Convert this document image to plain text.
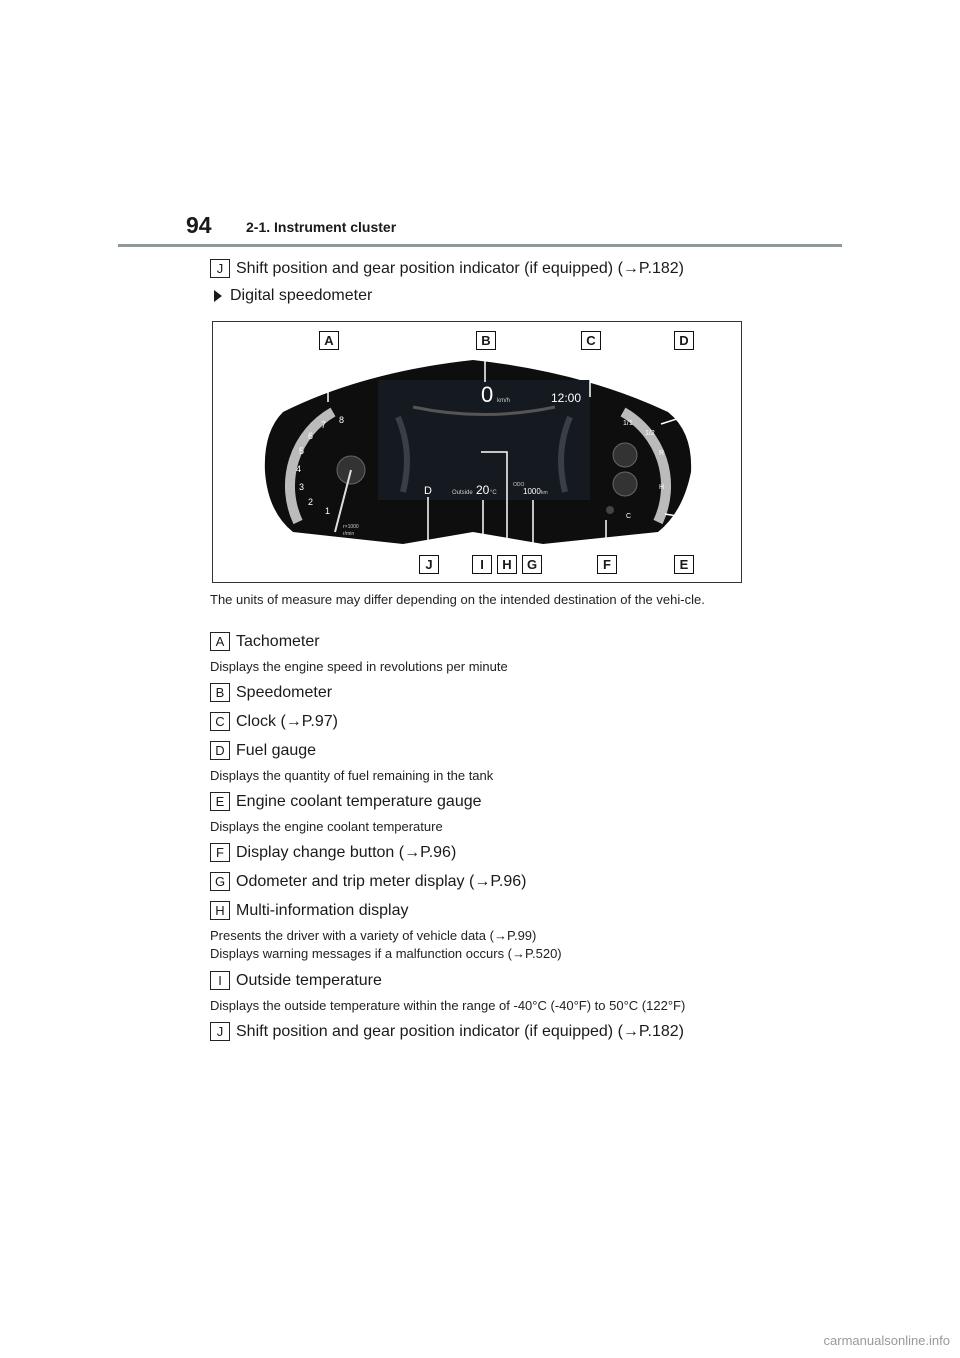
94 2-1. Instrument cluster
J Shift position and gear position indicator (if equipped) (→P.182)
Digital speedometer
0 km/h	12:00
D	Outside 20 °C
ODO
1000 km
1
2
3
4
5
6
7 8
r×1000
r/min
1/1
1/2
R
H
C
A	B	C	D
J	I	H	G	F	E
The units of measure may differ depending on the intended destination of the vehi-cle.
A Tachometer
Displays the engine speed in revolutions per minute
B Speedometer
C Clock (→P.97)
D Fuel gauge
Displays the quantity of fuel remaining in the tank
E Engine coolant temperature gauge
Displays the engine coolant temperature
F Display change button (→P.96)
G Odometer and trip meter display (→P.96)
H Multi-information display
Presents the driver with a variety of vehicle data (→P.99)
Displays warning messages if a malfunction occurs (→P.520)
I Outside temperature
Displays the outside temperature within the range of -40°C (-40°F) to 50°C (122°F)
J Shift position and gear position indicator (if equipped) (→P.182)
carmanualsonline.info
